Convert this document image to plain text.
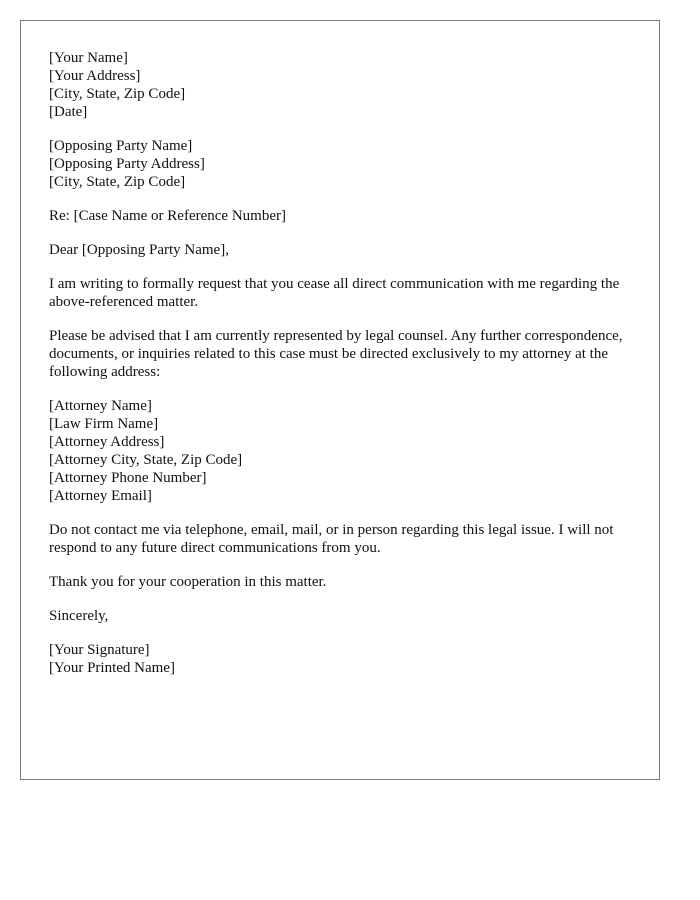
[Your Name]
[Your Address]
[City, State, Zip Code]
[Date]
[Opposing Party Name]
[Opposing Party Address]
[City, State, Zip Code]

Re: [Case Name or Reference Number]

Dear [Opposing Party Name],

I am writing to formally request that you cease all direct communication with me regarding the above-referenced matter.

Please be advised that I am currently represented by legal counsel. Any further correspondence, documents, or inquiries related to this case must be directed exclusively to my attorney at the following address:

[Attorney Name]
[Law Firm Name]
[Attorney Address]
[Attorney City, State, Zip Code]
[Attorney Phone Number]
[Attorney Email]

Do not contact me via telephone, email, mail, or in person regarding this legal issue. I will not respond to any future direct communications from you.

Thank you for your cooperation in this matter.

Sincerely,

[Your Signature]
[Your Printed Name]
